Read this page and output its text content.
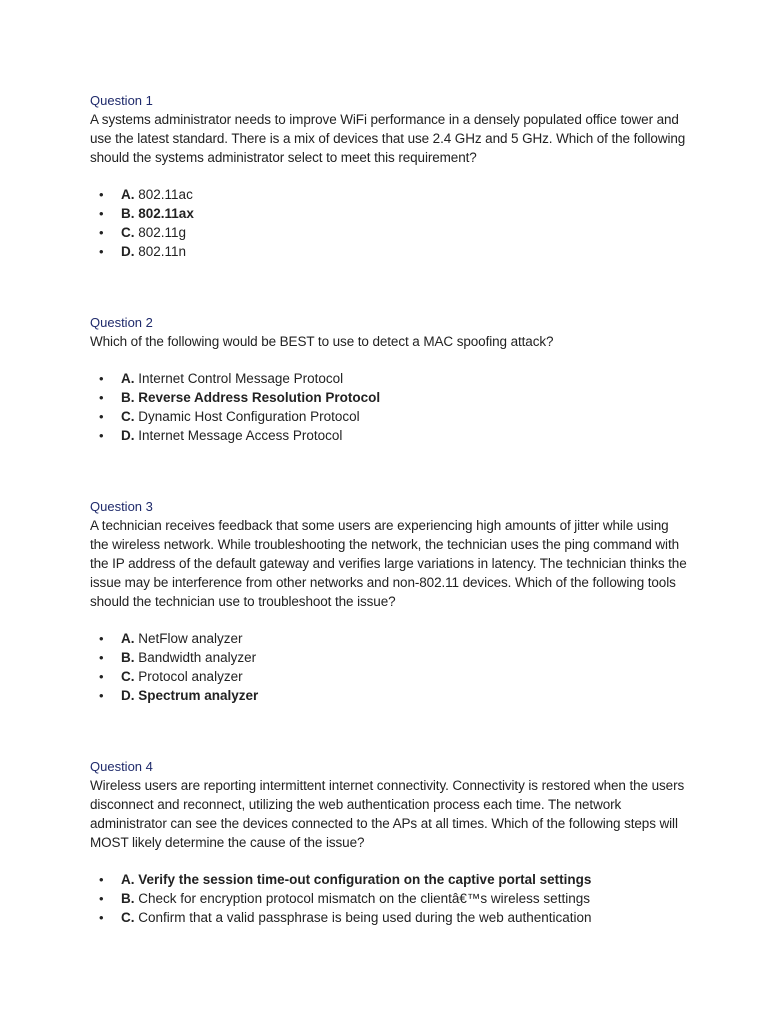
Question 1

A systems administrator needs to improve WiFi performance in a densely populated office tower and use the latest standard. There is a mix of devices that use 2.4 GHz and 5 GHz. Which of the following should the systems administrator select to meet this requirement?

• A. 802.11ac
• B. 802.11ax
• C. 802.11g
• D. 802.11n

Question 2

Which of the following would be BEST to use to detect a MAC spoofing attack?

• A. Internet Control Message Protocol
• B. Reverse Address Resolution Protocol
• C. Dynamic Host Configuration Protocol
• D. Internet Message Access Protocol

Question 3

A technician receives feedback that some users are experiencing high amounts of jitter while using the wireless network. While troubleshooting the network, the technician uses the ping command with the IP address of the default gateway and verifies large variations in latency. The technician thinks the issue may be interference from other networks and non-802.11 devices. Which of the following tools should the technician use to troubleshoot the issue?

• A. NetFlow analyzer
• B. Bandwidth analyzer
• C. Protocol analyzer
• D. Spectrum analyzer

Question 4

Wireless users are reporting intermittent internet connectivity. Connectivity is restored when the users disconnect and reconnect, utilizing the web authentication process each time. The network administrator can see the devices connected to the APs at all times. Which of the following steps will MOST likely determine the cause of the issue?

• A. Verify the session time-out configuration on the captive portal settings
• B. Check for encryption protocol mismatch on the clientâ€™s wireless settings
• C. Confirm that a valid passphrase is being used during the web authentication
